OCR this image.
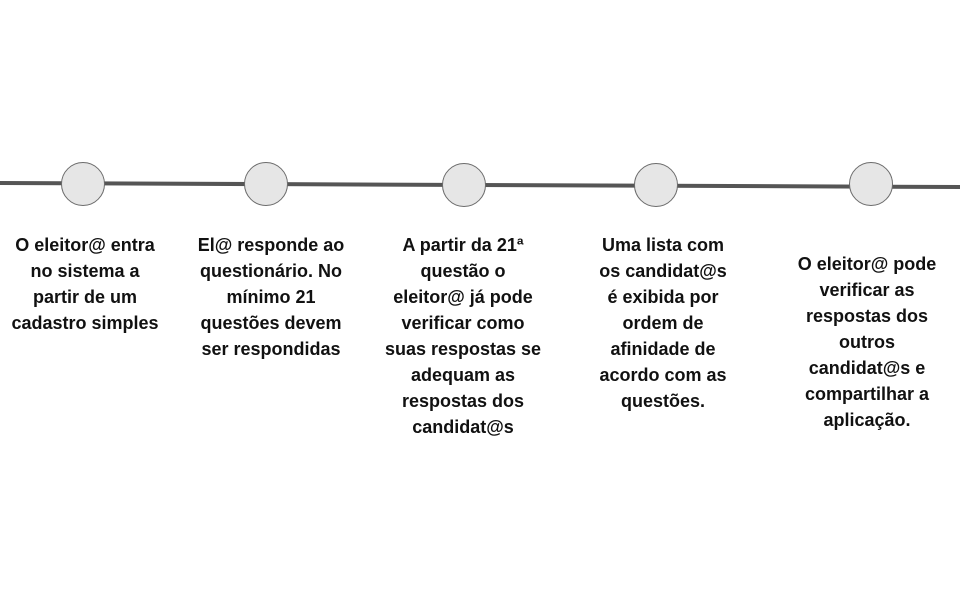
O eleitor@ entra
no sistema a
partir de um
cadastro simples
El@ responde ao
questionário. No
mínimo 21
questões devem
ser respondidas
A partir da 21ª
questão o
eleitor@ já pode
verificar como
suas respostas se
adequam as
respostas dos
candidat@s
Uma lista com
os candidat@s
é exibida por
ordem de
afinidade de
acordo com as
questões.
O eleitor@ pode
verificar as
respostas dos
outros
candidat@s e
compartilhar a
aplicação.
